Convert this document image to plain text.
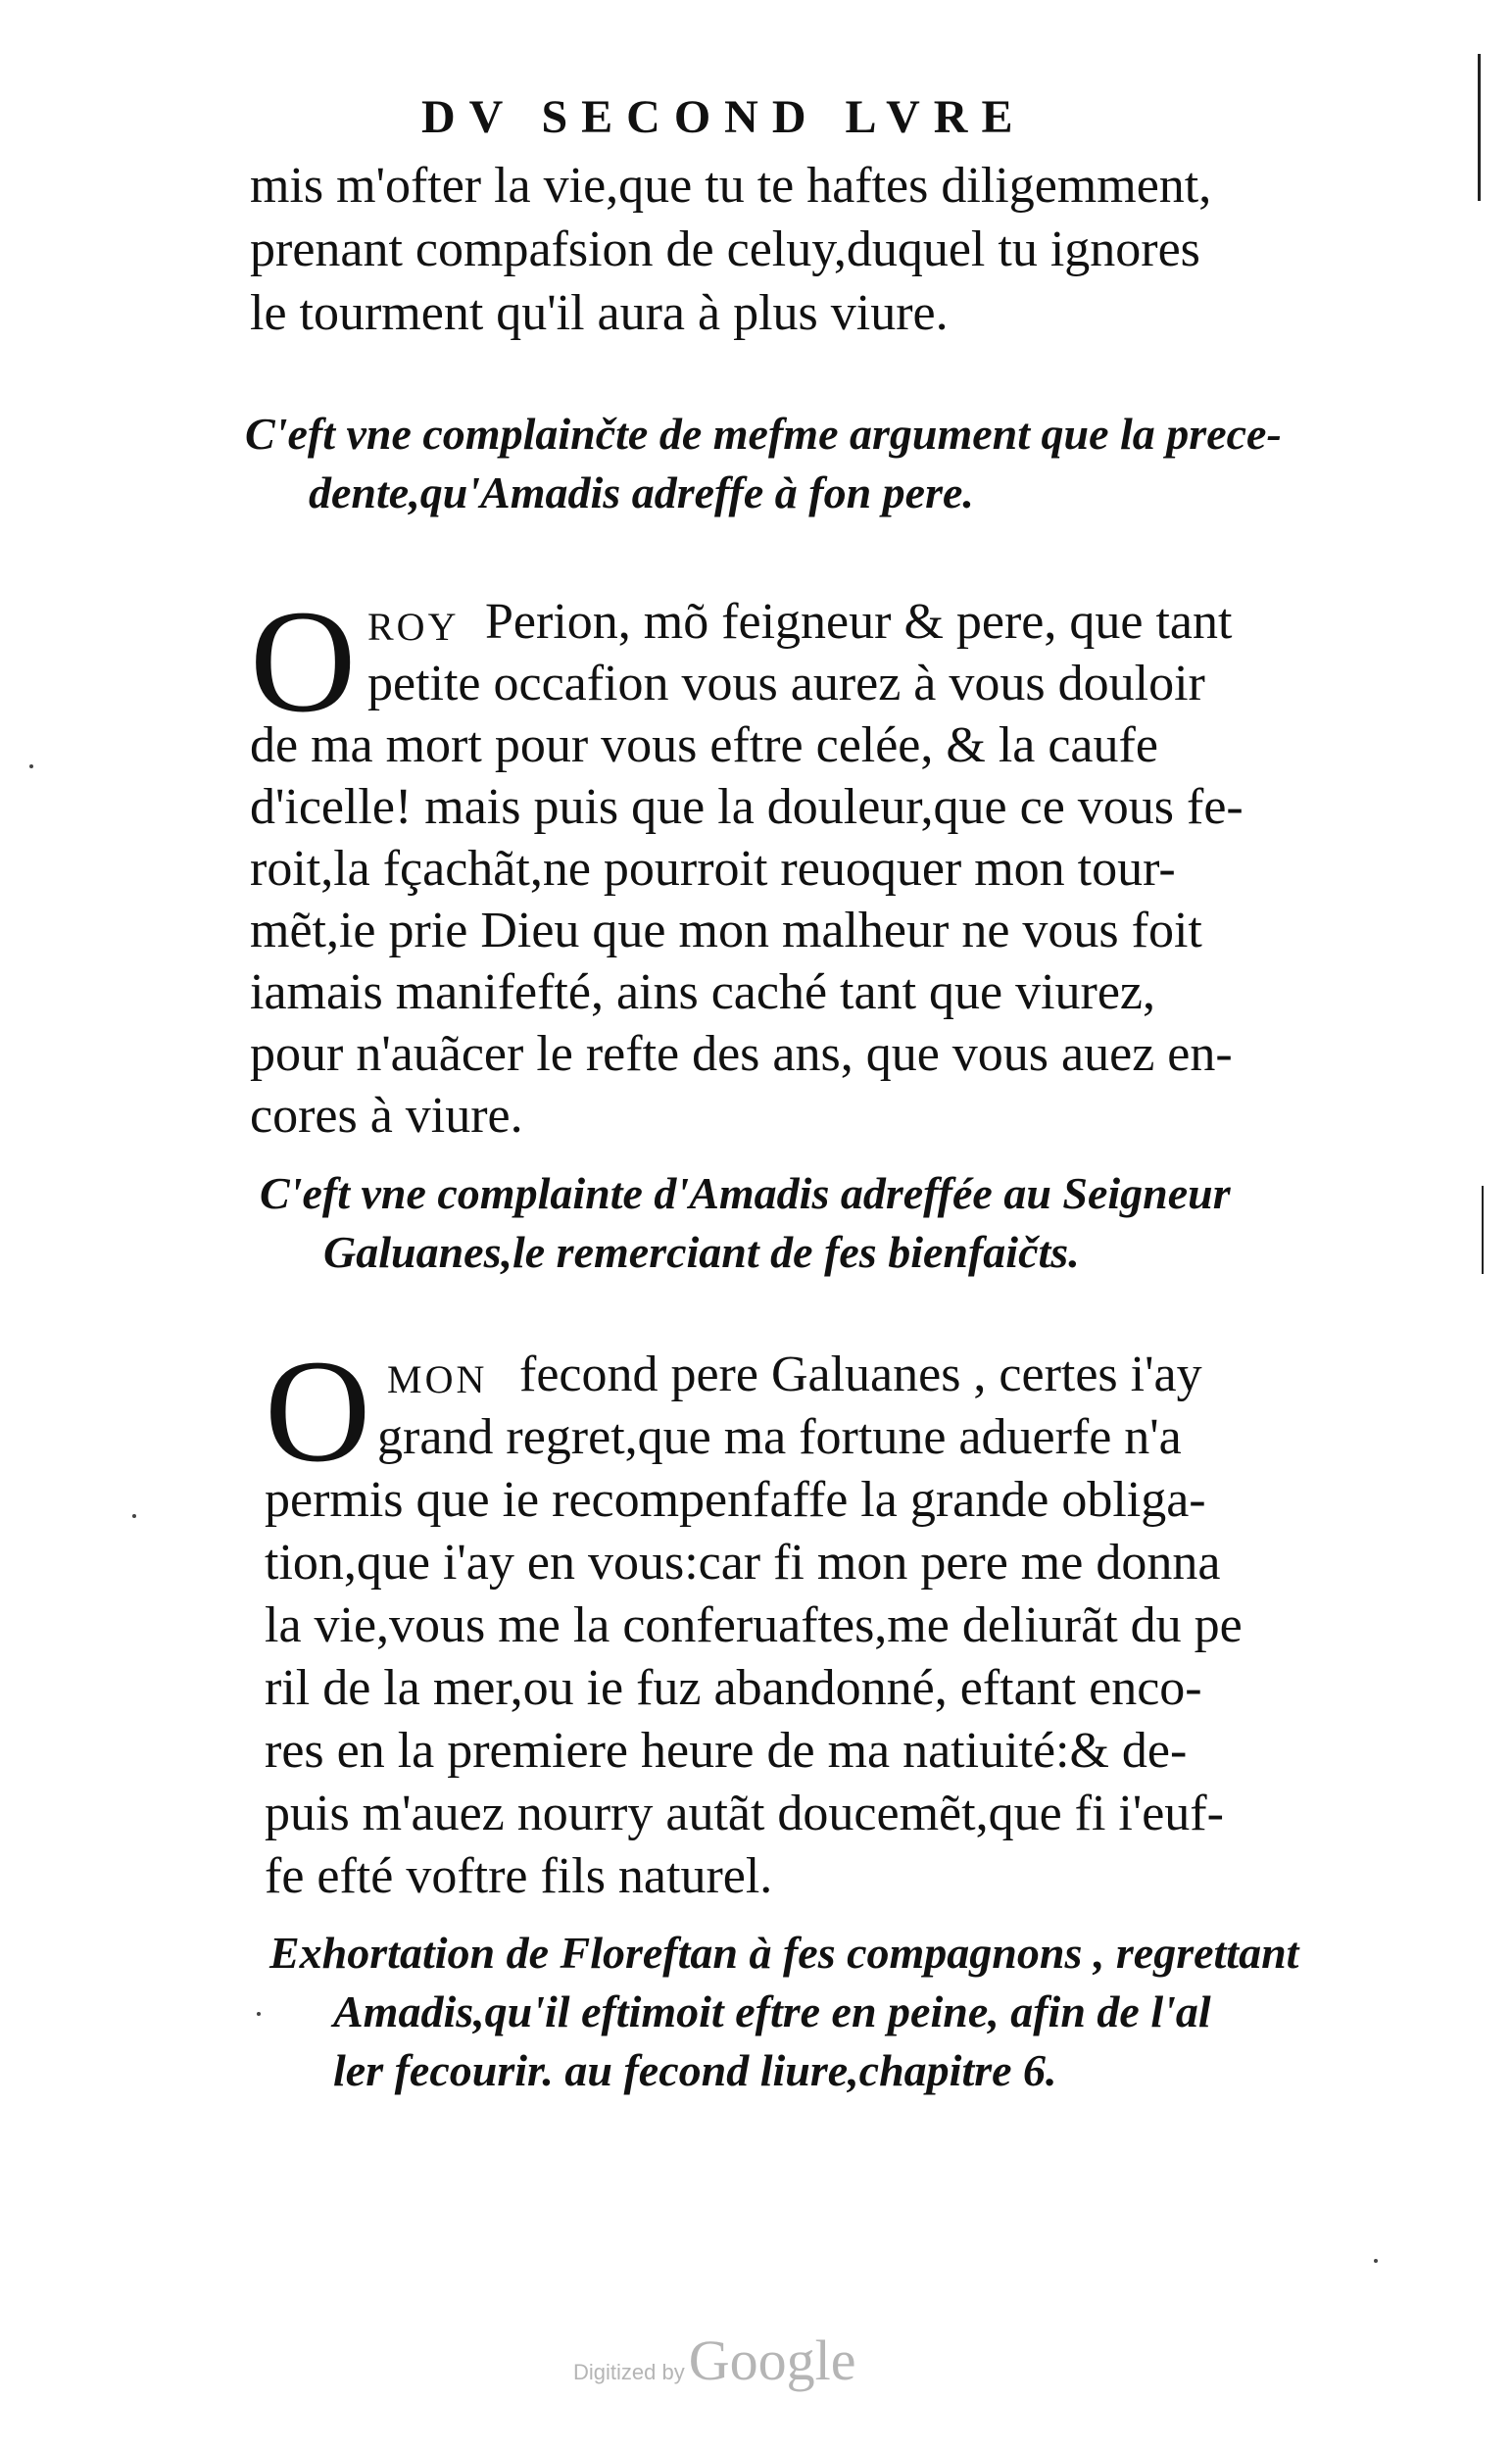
DV SECOND LVRE
mis m'ofter la vie,que tu te haftes diligemment,
prenant compafsion de celuy,duquel tu ignores
le tourment qu'il aura à plus viure.
C'eft vne complainčte de mefme argument que la prece-
dente,qu'Amadis adreffe à fon pere.
O ROY Perion, mõ feigneur & pere, que tant
petite occafion vous aurez à vous douloir
de ma mort pour vous eftre celée, & la caufe
d'icelle! mais puis que la douleur,que ce vous fe-
roit,la fçachãt,ne pourroit reuoquer mon tour-
mẽt,ie prie Dieu que mon malheur ne vous foit
iamais manifefté, ains caché tant que viurez,
pour n'auãcer le refte des ans, que vous auez en-
cores à viure.
C'eft vne complainte d'Amadis adreffée au Seigneur
Galuanes,le remerciant de fes bienfaičts.
O MON fecond pere Galuanes , certes i'ay
grand regret,que ma fortune aduerfe n'a
permis que ie recompenfaffe la grande obliga-
tion,que i'ay en vous:car fi mon pere me donna
la vie,vous me la conferuaftes,me deliurãt du pe
ril de la mer,ou ie fuz abandonné, eftant enco-
res en la premiere heure de ma natiuité:& de-
puis m'auez nourry autãt doucemẽt,que fi i'euf-
fe efté voftre fils naturel.
Exhortation de Floreftan à fes compagnons , regrettant
Amadis,qu'il eftimoit eftre en peine, afin de l'al
ler fecourir. au fecond liure,chapitre 6.
Digitized by Google
